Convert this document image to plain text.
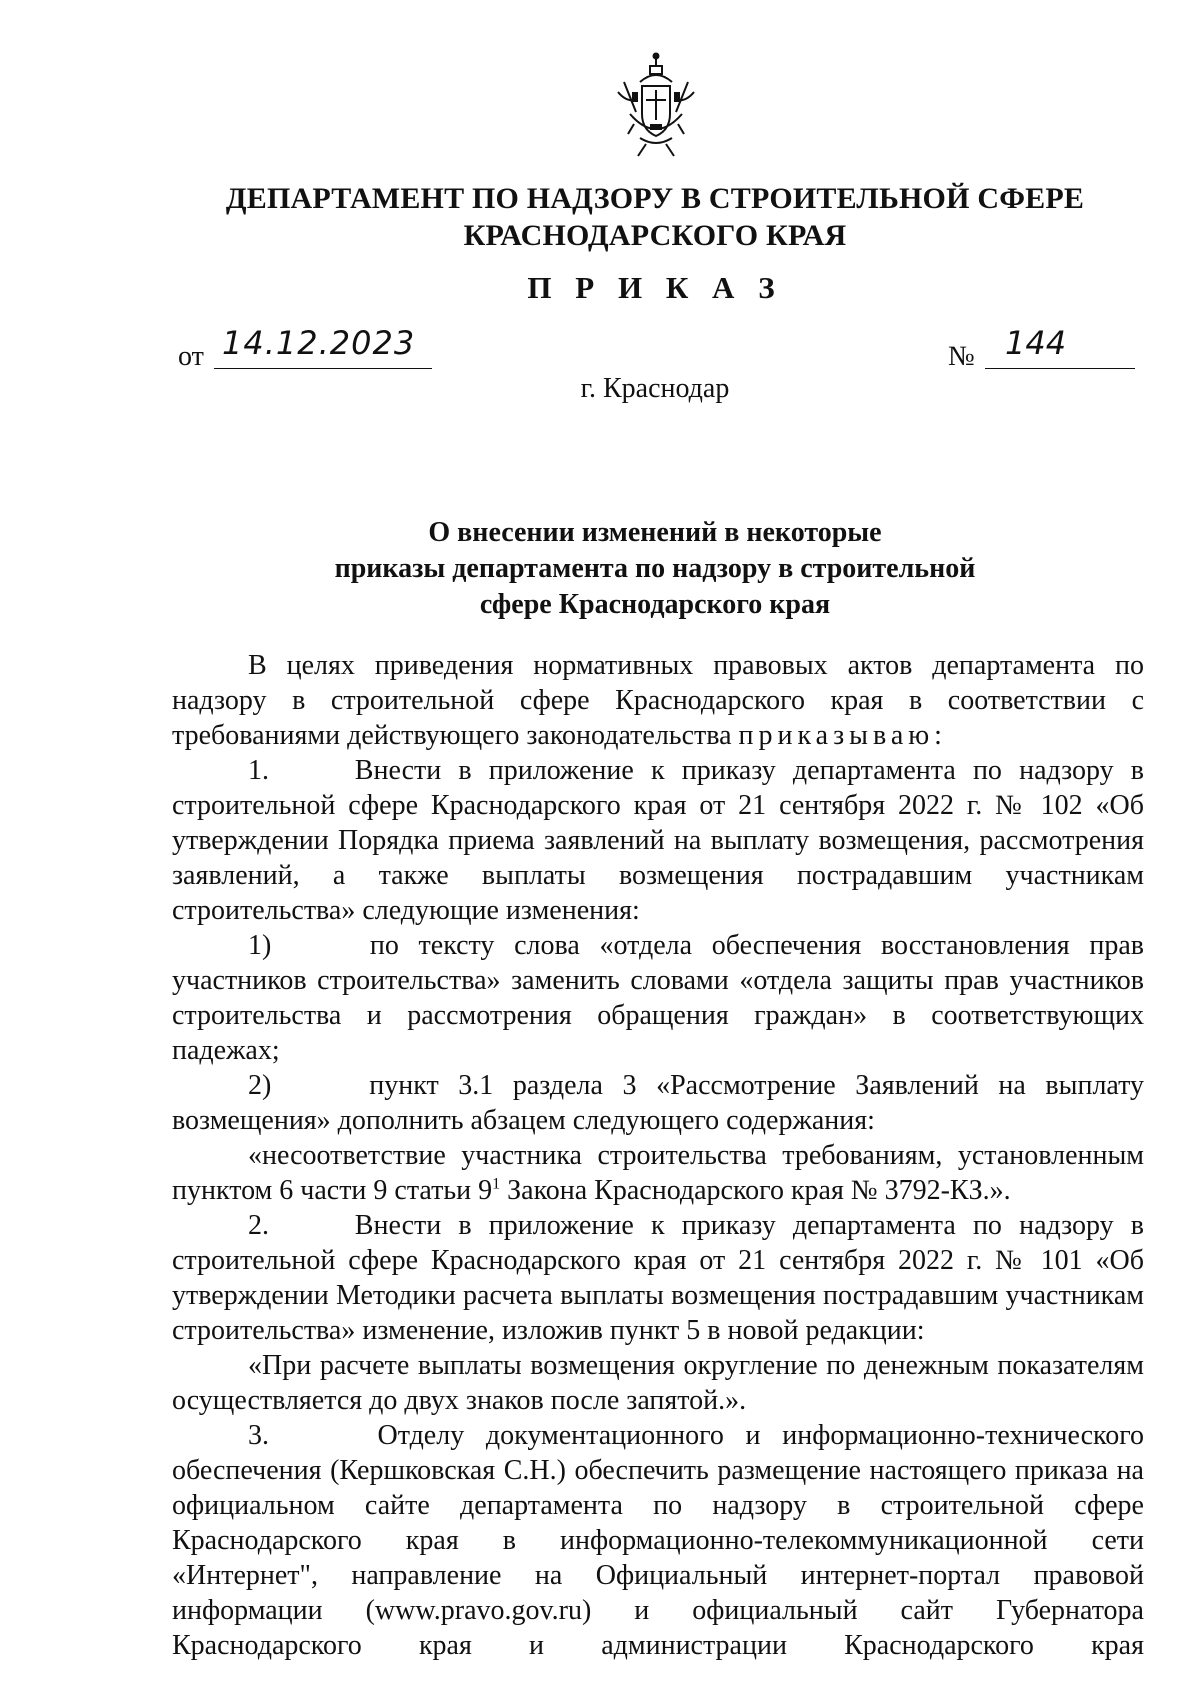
ДЕПАРТАМЕНТ ПО НАДЗОРУ В СТРОИТЕЛЬНОЙ СФЕРЕ
КРАСНОДАРСКОГО КРАЯ
П Р И К А З
от 14.12.2023	№ 144
г. Краснодар
О внесении изменений в некоторые
приказы департамента по надзору в строительной
сфере Краснодарского края
В целях приведения нормативных правовых актов департамента по
надзору в строительной сфере Краснодарского края в соответствии с
требованиями действующего законодательства приказываю:
1.     Внести в приложение к приказу департамента по надзору в
строительной сфере Краснодарского края от 21 сентября 2022 г. № 102 «Об
утверждении Порядка приема заявлений на выплату возмещения, рассмотрения
заявлений, а также выплаты возмещения пострадавшим участникам
строительства» следующие изменения:
1)     по тексту слова «отдела обеспечения восстановления прав
участников строительства» заменить словами «отдела защиты прав участников
строительства и рассмотрения обращения граждан» в соответствующих
падежах;
2)     пункт 3.1 раздела 3 «Рассмотрение Заявлений на выплату
возмещения» дополнить абзацем следующего содержания:
«несоответствие участника строительства требованиям, установленным
пунктом 6 части 9 статьи $9^1$ Закона Краснодарского края № 3792-КЗ.».
2.     Внести в приложение к приказу департамента по надзору в
строительной сфере Краснодарского края от 21 сентября 2022 г. № 101 «Об
утверждении Методики расчета выплаты возмещения пострадавшим участникам
строительства» изменение, изложив пункт 5 в новой редакции:
«При расчете выплаты возмещения округление по денежным показателям
осуществляется до двух знаков после запятой.».
3.     Отделу документационного и информационно-технического
обеспечения (Кершковская С.Н.) обеспечить размещение настоящего приказа на
официальном сайте департамента по надзору в строительной сфере
Краснодарского края в информационно-телекоммуникационной сети
«Интернет", направление на Официальный интернет-портал правовой
информации (www.pravo.gov.ru) и официальный сайт Губернатора
Краснодарского края и администрации Краснодарского края
